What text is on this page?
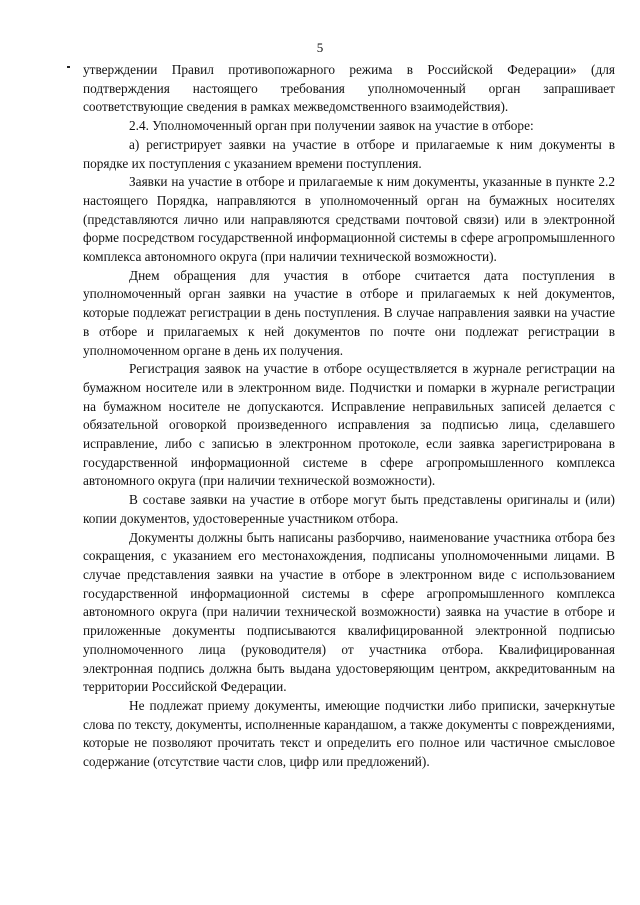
5

утверждении Правил противопожарного режима в Российской Федерации» (для подтверждения настоящего требования уполномоченный орган запрашивает соответствующие сведения в рамках межведомственного взаимодействия).

2.4. Уполномоченный орган при получении заявок на участие в отборе:

а) регистрирует заявки на участие в отборе и прилагаемые к ним документы в порядке их поступления с указанием времени поступления.

Заявки на участие в отборе и прилагаемые к ним документы, указанные в пункте 2.2 настоящего Порядка, направляются в уполномоченный орган на бумажных носителях (представляются лично или направляются средствами почтовой связи) или в электронной форме посредством государственной информационной системы в сфере агропромышленного комплекса автономного округа (при наличии технической возможности).

Днем обращения для участия в отборе считается дата поступления в уполномоченный орган заявки на участие в отборе и прилагаемых к ней документов, которые подлежат регистрации в день поступления. В случае направления заявки на участие в отборе и прилагаемых к ней документов по почте они подлежат регистрации в уполномоченном органе в день их получения.

Регистрация заявок на участие в отборе осуществляется в журнале регистрации на бумажном носителе или в электронном виде. Подчистки и помарки в журнале регистрации на бумажном носителе не допускаются. Исправление неправильных записей делается с обязательной оговоркой произведенного исправления за подписью лица, сделавшего исправление, либо с записью в электронном протоколе, если заявка зарегистрирована в государственной информационной системе в сфере агропромышленного комплекса автономного округа (при наличии технической возможности).

В составе заявки на участие в отборе могут быть представлены оригиналы и (или) копии документов, удостоверенные участником отбора.

Документы должны быть написаны разборчиво, наименование участника отбора без сокращения, с указанием его местонахождения, подписаны уполномоченными лицами. В случае представления заявки на участие в отборе в электронном виде с использованием государственной информационной системы в сфере агропромышленного комплекса автономного округа (при наличии технической возможности) заявка на участие в отборе и приложенные документы подписываются квалифицированной электронной подписью уполномоченного лица (руководителя) от участника отбора. Квалифицированная электронная подпись должна быть выдана удостоверяющим центром, аккредитованным на территории Российской Федерации.

Не подлежат приему документы, имеющие подчистки либо приписки, зачеркнутые слова по тексту, документы, исполненные карандашом, а также документы с повреждениями, которые не позволяют прочитать текст и определить его полное или частичное смысловое содержание (отсутствие части слов, цифр или предложений).
